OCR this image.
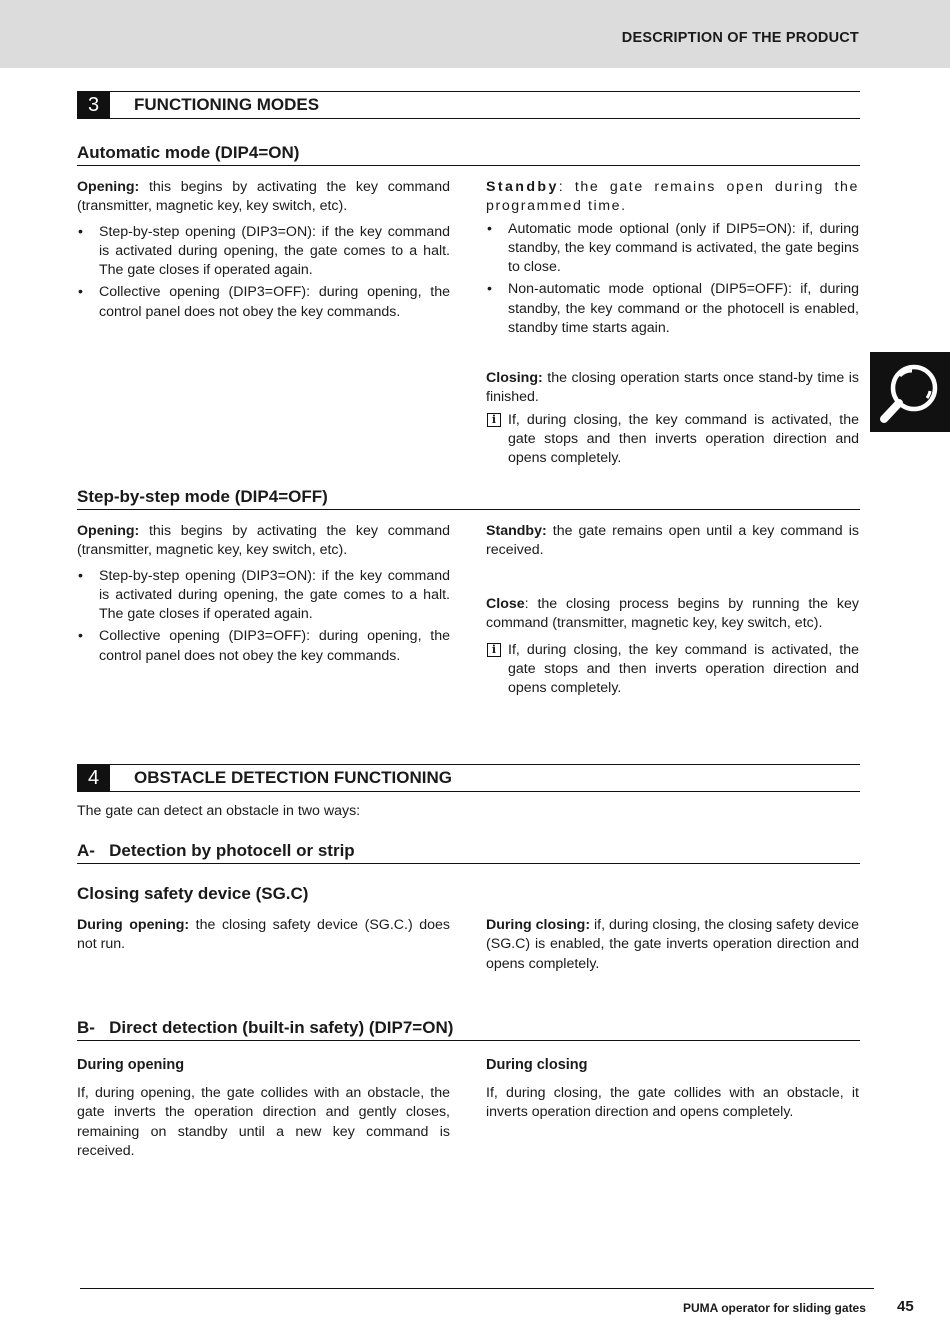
DESCRIPTION OF THE PRODUCT
3	FUNCTIONING MODES
Automatic mode (DIP4=ON)

Opening: this begins by activating the key command (transmitter, magnetic key, key switch, etc).

• Step-by-step opening (DIP3=ON): if the key command is activated during opening, the gate comes to a halt. The gate closes if operated again.
• Collective opening (DIP3=OFF): during opening, the control panel does not obey the key commands.

Standby: the gate remains open during the programmed time.

• Automatic mode optional (only if DIP5=ON): if, during standby, the key command is activated, the gate begins to close.
• Non-automatic mode optional (DIP5=OFF): if, during standby, the key command or the photocell is enabled, standby time starts again.

Closing: the closing operation starts once stand-by time is finished.

i If, during closing, the key command is activated, the gate stops and then inverts operation direction and opens completely.
Step-by-step mode (DIP4=OFF)

Opening: this begins by activating the key command (transmitter, magnetic key, key switch, etc).

• Step-by-step opening (DIP3=ON): if the key command is activated during opening, the gate comes to a halt. The gate closes if operated again.
• Collective opening (DIP3=OFF): during opening, the control panel does not obey the key commands.

Standby: the gate remains open until a key command is received.

Close: the closing process begins by running the key command (transmitter, magnetic key, key switch, etc).

i If, during closing, the key command is activated, the gate stops and then inverts operation direction and opens completely.
4	OBSTACLE DETECTION FUNCTIONING
The gate can detect an obstacle in two ways:
A-   Detection by photocell or strip
Closing safety device (SG.C)

During opening: the closing safety device (SG.C.) does not run.

During closing: if, during closing, the closing safety device (SG.C) is enabled, the gate inverts operation direction and opens completely.

B-   Direct detection (built-in safety) (DIP7=ON)
During opening	During closing

If, during opening, the gate collides with an obstacle, the gate inverts the operation direction and gently closes, remaining on standby until a new key command is received.

If, during closing, the gate collides with an obstacle, it inverts operation direction and opens completely.

PUMA operator for sliding gates 45
